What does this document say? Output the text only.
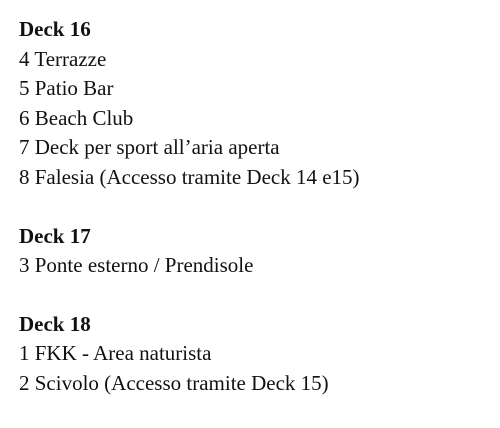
Deck 16
4 Terrazze
5 Patio Bar
6 Beach Club
7 Deck per sport all’aria aperta
8 Falesia (Accesso tramite Deck 14 e15)
Deck 17
3 Ponte esterno / Prendisole
Deck 18
1 FKK - Area naturista
2 Scivolo (Accesso tramite Deck 15)
